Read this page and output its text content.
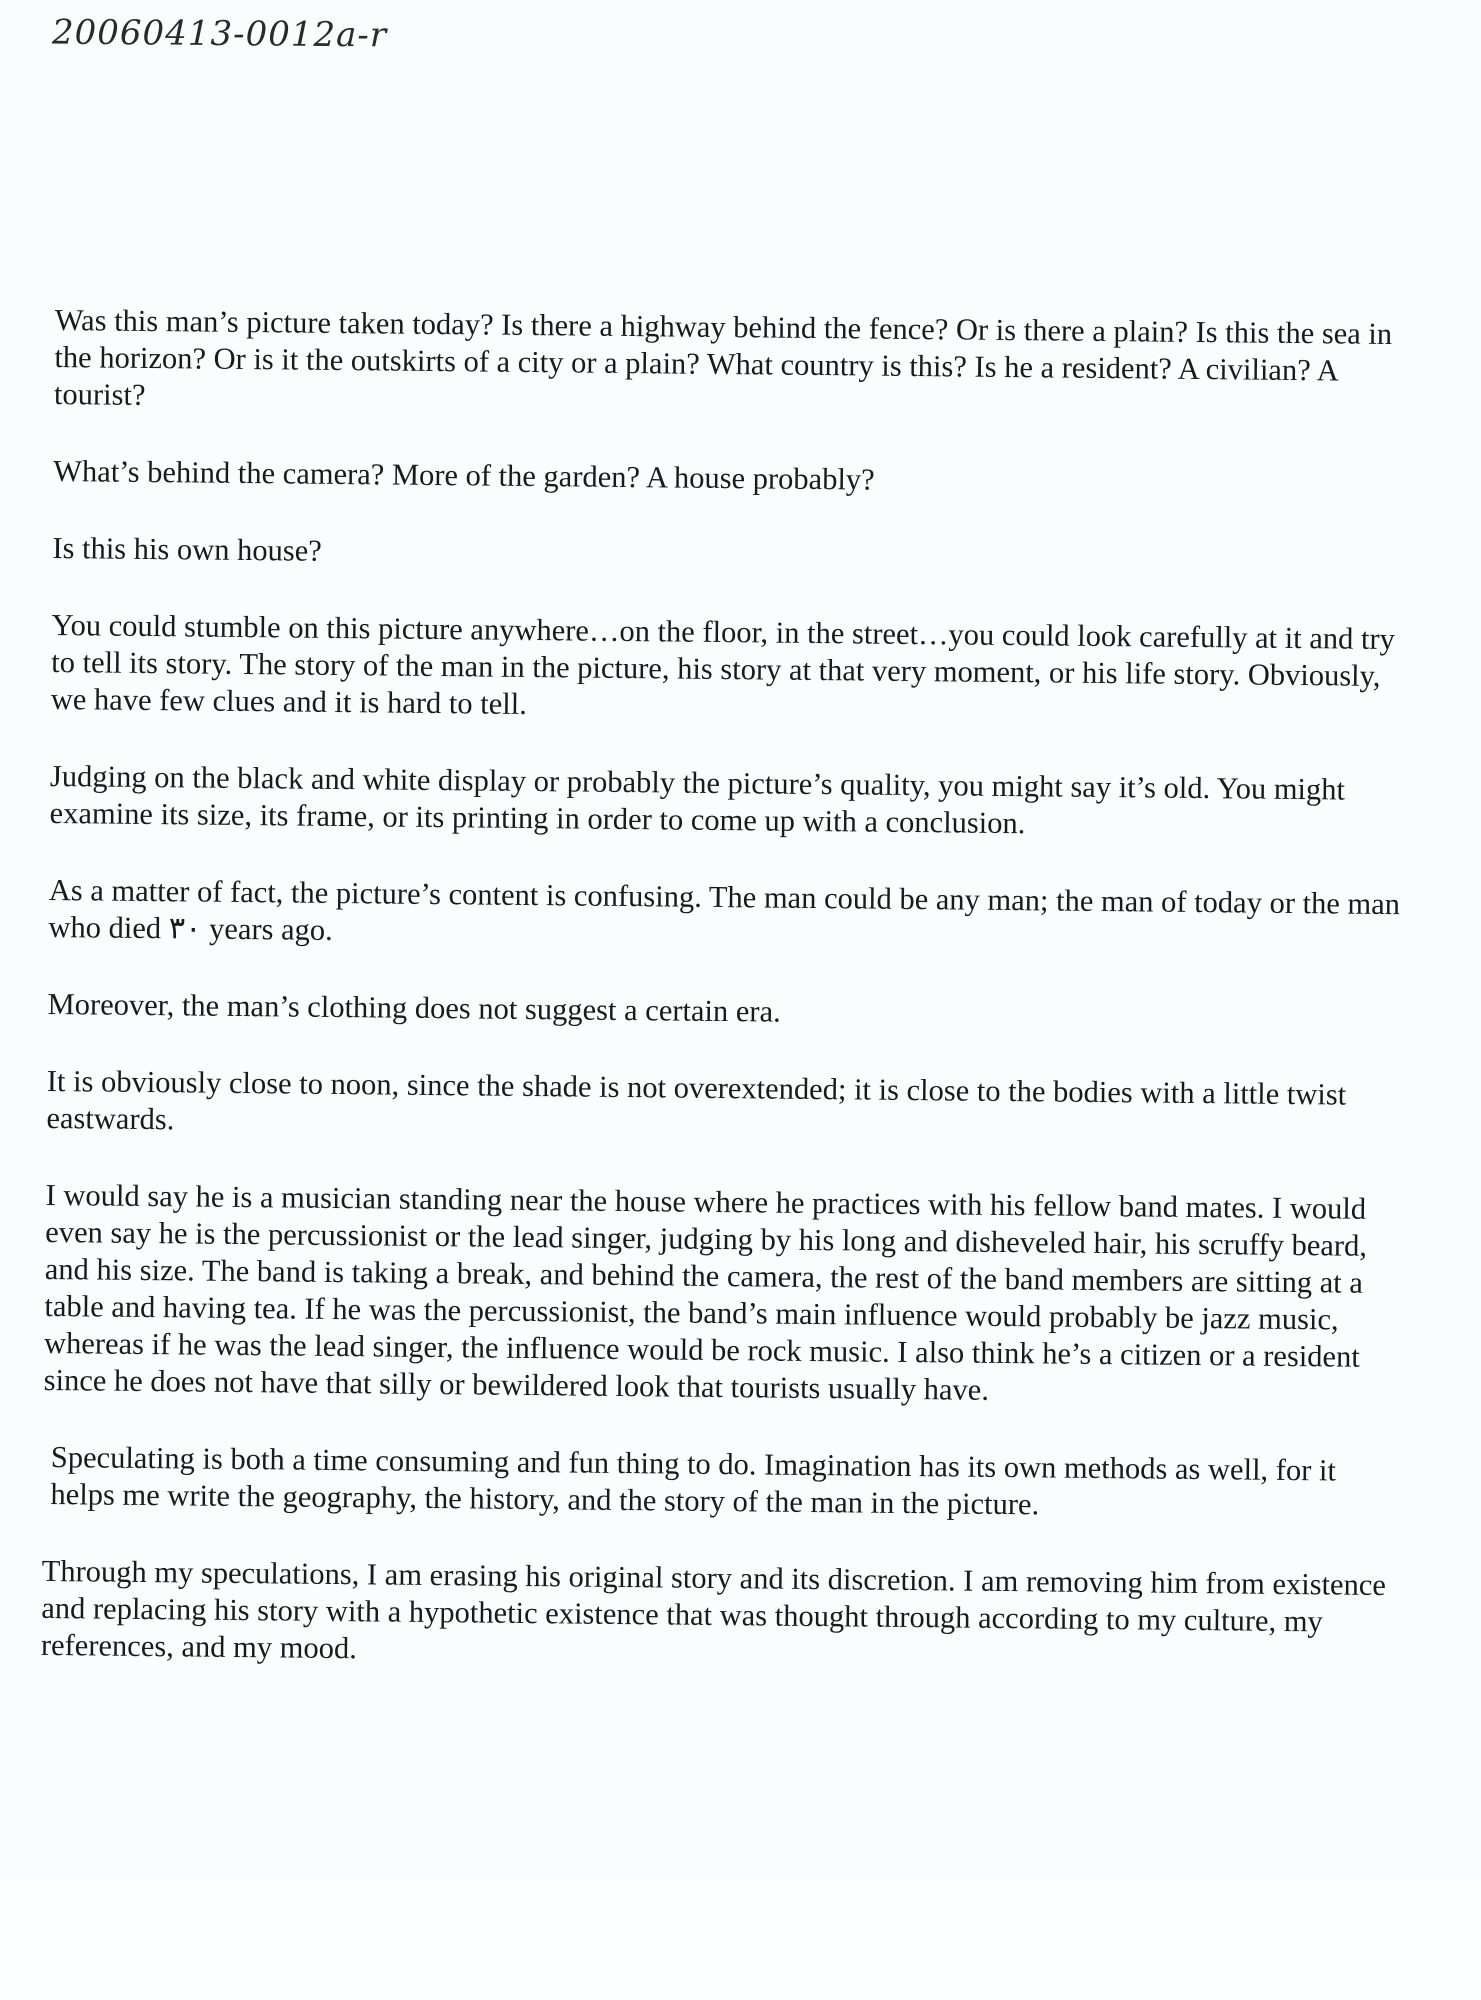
20060413-0012a-r

Was this man’s picture taken today? Is there a highway behind the fence? Or is there a plain? Is this the sea in the horizon? Or is it the outskirts of a city or a plain? What country is this? Is he a resident? A civilian? A tourist?

What’s behind the camera? More of the garden? A house probably?

Is this his own house?

You could stumble on this picture anywhere…on the floor, in the street…you could look carefully at it and try to tell its story. The story of the man in the picture, his story at that very moment, or his life story. Obviously, we have few clues and it is hard to tell.

Judging on the black and white display or probably the picture’s quality, you might say it’s old. You might examine its size, its frame, or its printing in order to come up with a conclusion.

As a matter of fact, the picture’s content is confusing. The man could be any man; the man of today or the man who died ٣٠ years ago.

Moreover, the man’s clothing does not suggest a certain era.

It is obviously close to noon, since the shade is not overextended; it is close to the bodies with a little twist eastwards.

I would say he is a musician standing near the house where he practices with his fellow band mates. I would even say he is the percussionist or the lead singer, judging by his long and disheveled hair, his scruffy beard, and his size. The band is taking a break, and behind the camera, the rest of the band members are sitting at a table and having tea. If he was the percussionist, the band’s main influence would probably be jazz music, whereas if he was the lead singer, the influence would be rock music. I also think he’s a citizen or a resident since he does not have that silly or bewildered look that tourists usually have.

Speculating is both a time consuming and fun thing to do. Imagination has its own methods as well, for it helps me write the geography, the history, and the story of the man in the picture.

Through my speculations, I am erasing his original story and its discretion. I am removing him from existence and replacing his story with a hypothetic existence that was thought through according to my culture, my references, and my mood.
